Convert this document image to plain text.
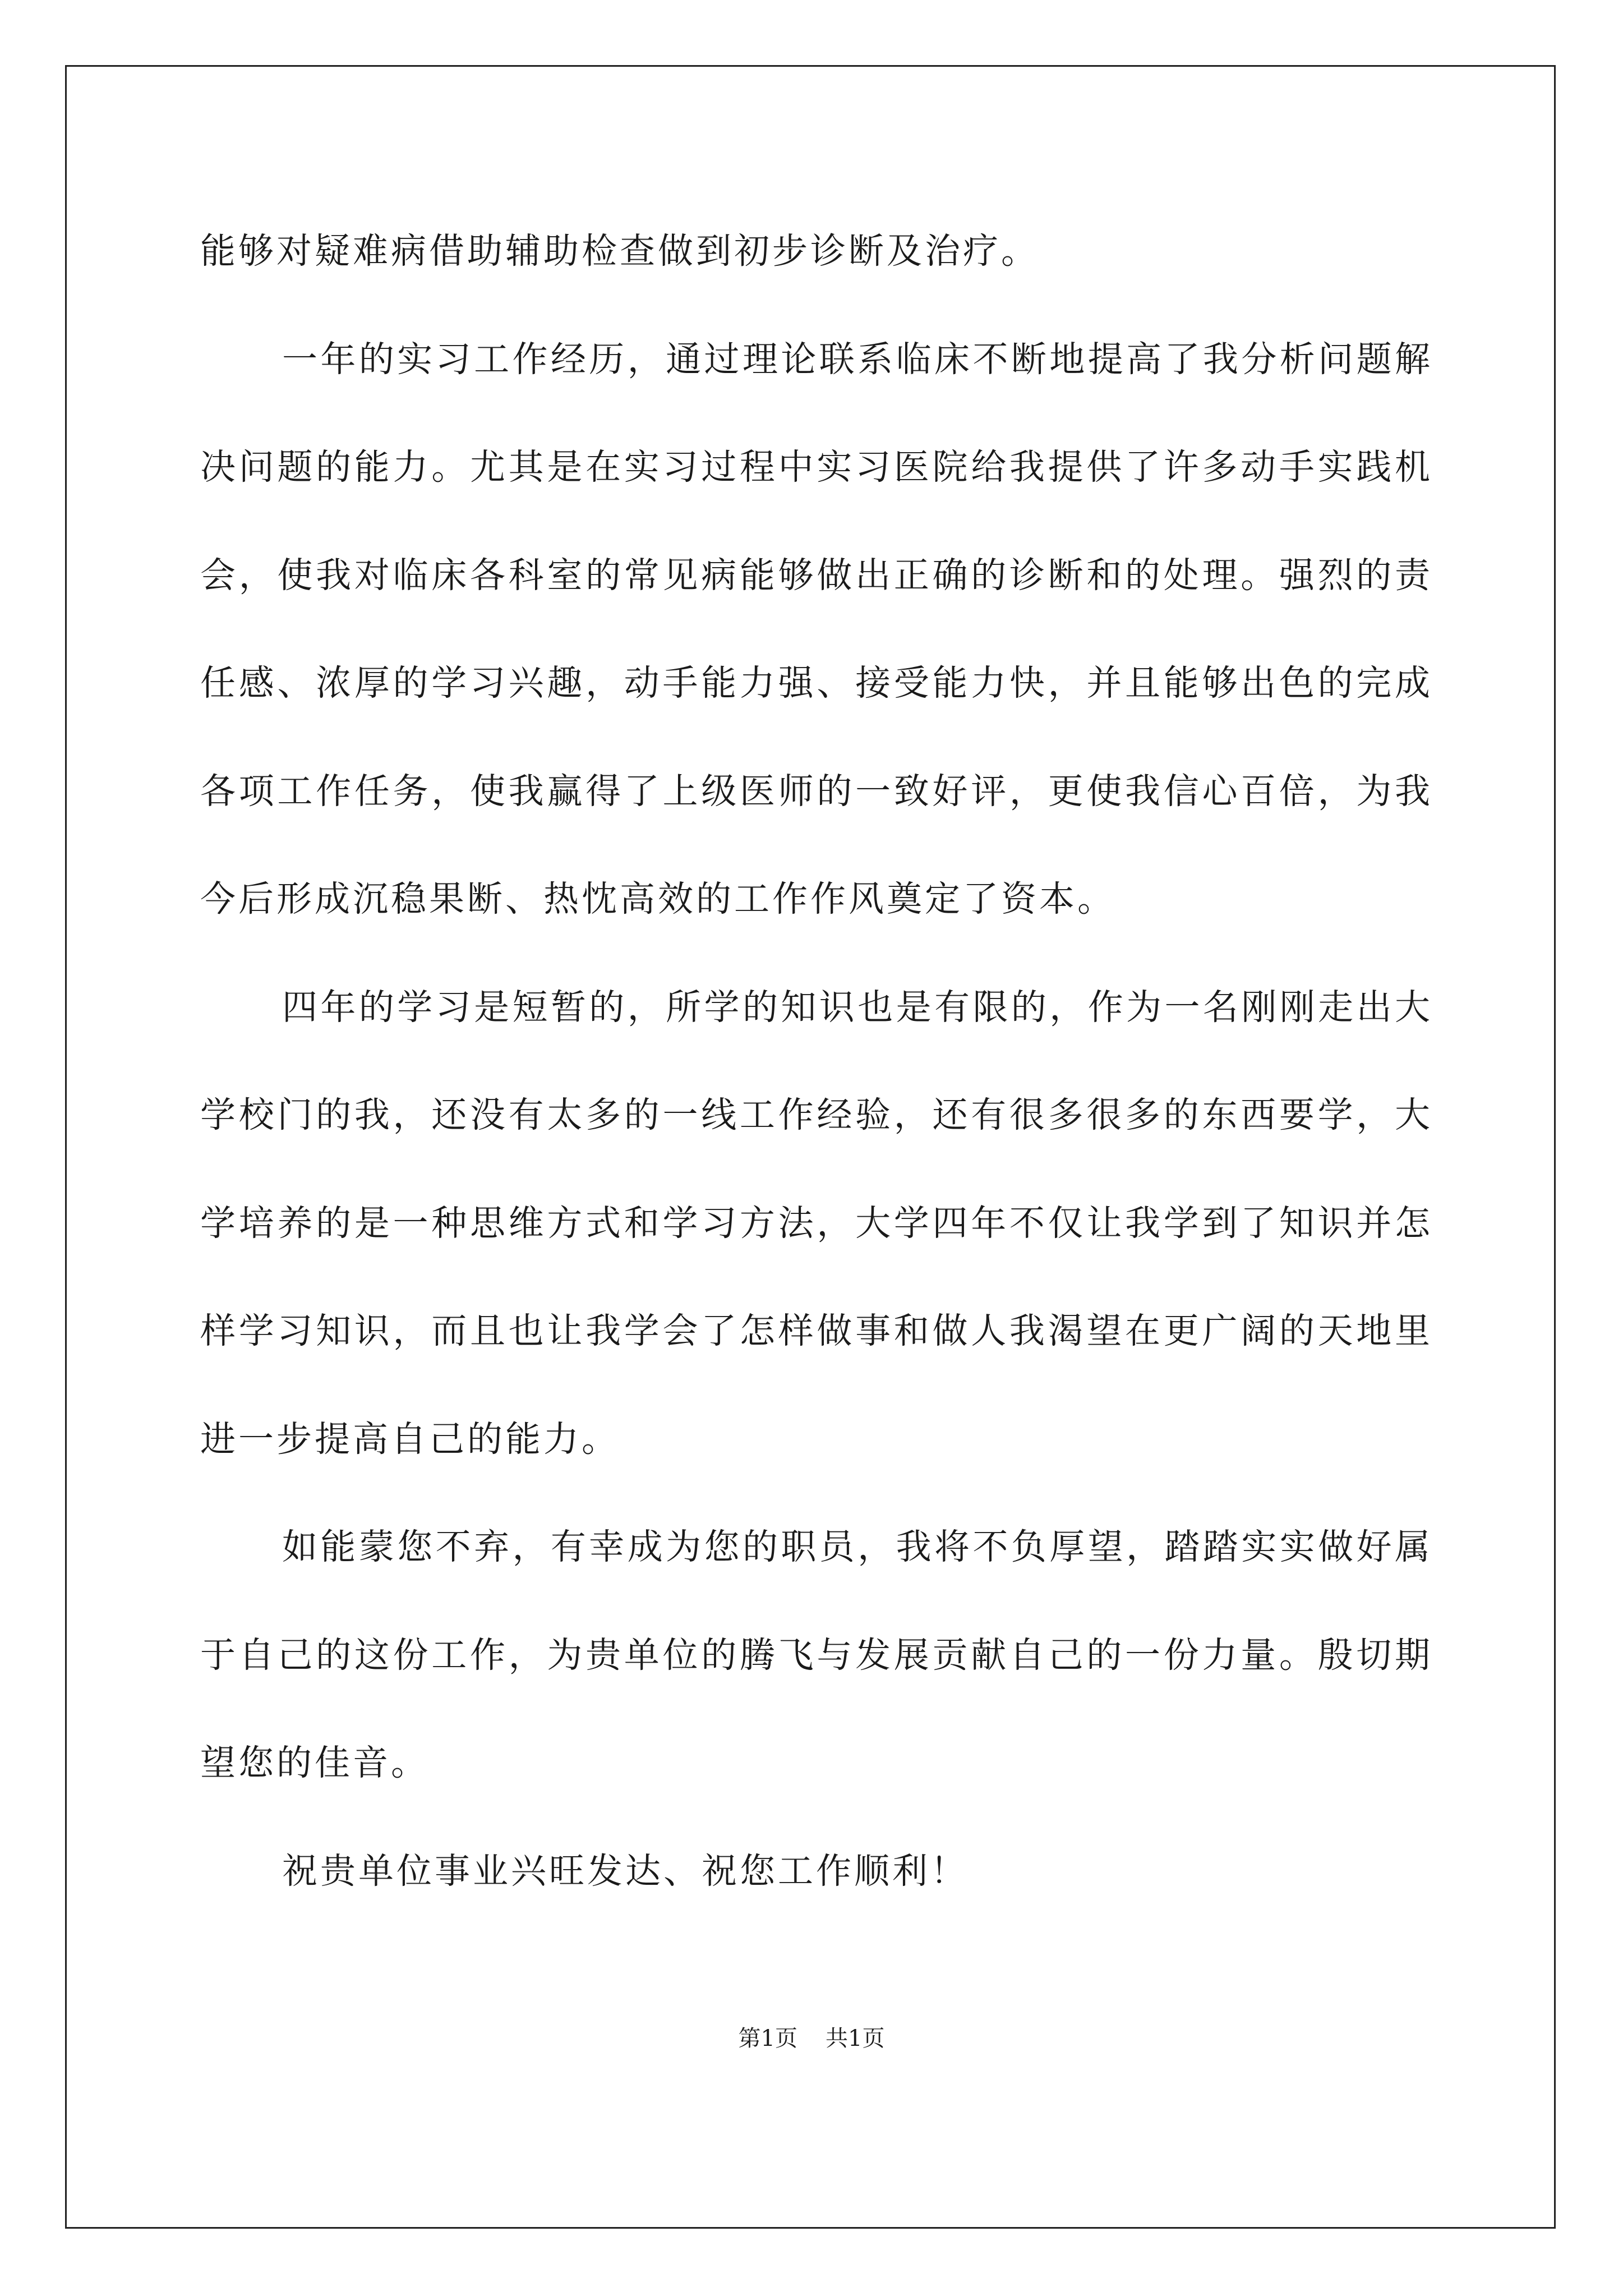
能够对疑难病借助辅助检查做到初步诊断及治疗。

一年的实习工作经历，通过理论联系临床不断地提高了我分析问题解决问题的能力。尤其是在实习过程中实习医院给我提供了许多动手实践机会，使我对临床各科室的常见病能够做出正确的诊断和的处理。强烈的责任感、浓厚的学习兴趣，动手能力强、接受能力快，并且能够出色的完成各项工作任务，使我赢得了上级医师的一致好评，更使我信心百倍，为我今后形成沉稳果断、热忱高效的工作作风奠定了资本。

四年的学习是短暂的，所学的知识也是有限的，作为一名刚刚走出大学校门的我，还没有太多的一线工作经验，还有很多很多的东西要学，大学培养的是一种思维方式和学习方法，大学四年不仅让我学到了知识并怎样学习知识，而且也让我学会了怎样做事和做人我渴望在更广阔的天地里进一步提高自己的能力。

如能蒙您不弃，有幸成为您的职员，我将不负厚望，踏踏实实做好属于自己的这份工作，为贵单位的腾飞与发展贡献自己的一份力量。殷切期望您的佳音。

祝贵单位事业兴旺发达、祝您工作顺利！

第1页 共1页
